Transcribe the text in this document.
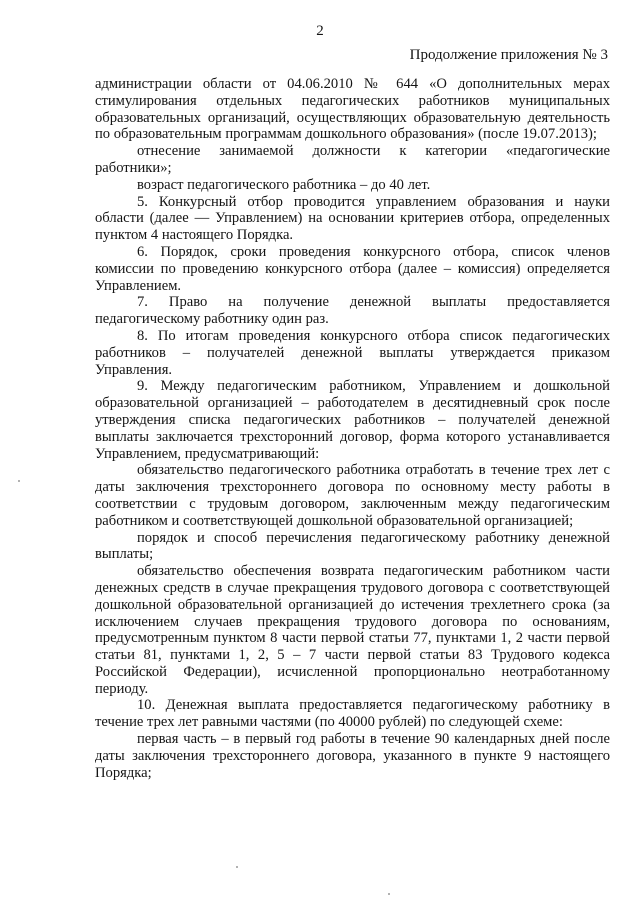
2
Продолжение приложения № 3

администрации области от 04.06.2010 № 644 «О дополнительных мерах стимулирования отдельных педагогических работников муниципальных образовательных организаций, осуществляющих образовательную деятельность по образовательным программам дошкольного образования» (после 19.07.2013);

отнесение занимаемой должности к категории «педагогические работники»;

возраст педагогического работника – до 40 лет.

5. Конкурсный отбор проводится управлением образования и науки области (далее — Управлением) на основании критериев отбора, определенных пунктом 4 настоящего Порядка.

6. Порядок, сроки проведения конкурсного отбора, список членов комиссии по проведению конкурсного отбора (далее – комиссия) определяется Управлением.

7. Право на получение денежной выплаты предоставляется педагогическому работнику один раз.

8. По итогам проведения конкурсного отбора список педагогических работников – получателей денежной выплаты утверждается приказом Управления.

9. Между педагогическим работником, Управлением и дошкольной образовательной организацией – работодателем в десятидневный срок после утверждения списка педагогических работников – получателей денежной выплаты заключается трехсторонний договор, форма которого устанавливается Управлением, предусматривающий:

обязательство педагогического работника отработать в течение трех лет с даты заключения трехстороннего договора по основному месту работы в соответствии с трудовым договором, заключенным между педагогическим работником и соответствующей дошкольной образовательной организацией;

порядок и способ перечисления педагогическому работнику денежной выплаты;

обязательство обеспечения возврата педагогическим работником части денежных средств в случае прекращения трудового договора с соответствующей дошкольной образовательной организацией до истечения трехлетнего срока (за исключением случаев прекращения трудового договора по основаниям, предусмотренным пунктом 8 части первой статьи 77, пунктами 1, 2 части первой статьи 81, пунктами 1, 2, 5 – 7 части первой статьи 83 Трудового кодекса Российской Федерации), исчисленной пропорционально неотработанному периоду.

10. Денежная выплата предоставляется педагогическому работнику в течение трех лет равными частями (по 40000 рублей) по следующей схеме:

первая часть – в первый год работы в течение 90 календарных дней после даты заключения трехстороннего договора, указанного в пункте 9 настоящего Порядка;
